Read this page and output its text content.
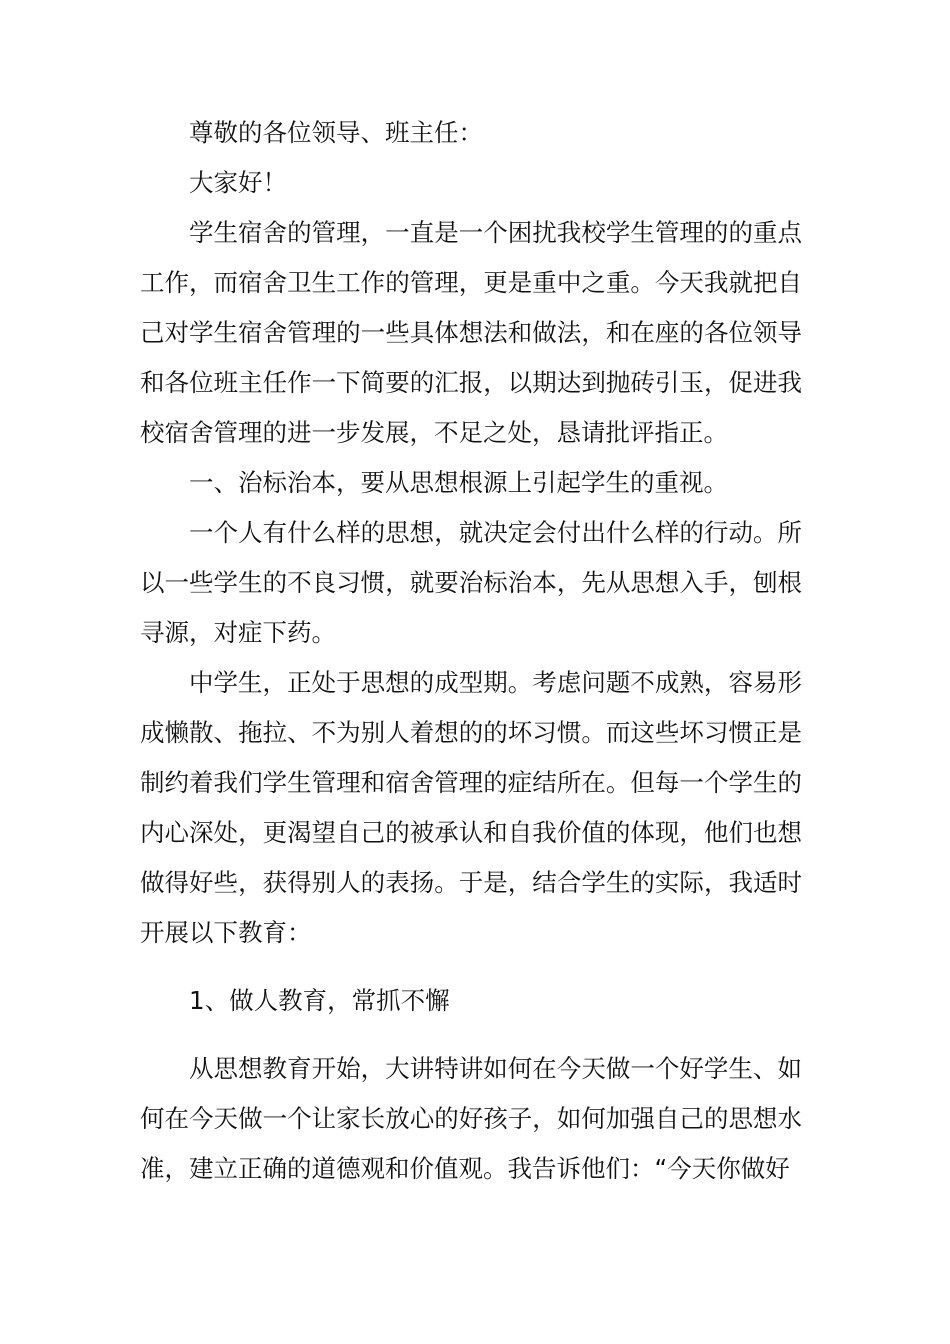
尊敬的各位领导、班主任：

大家好！

学生宿舍的管理，一直是一个困扰我校学生管理的的重点工作，而宿舍卫生工作的管理，更是重中之重。今天我就把自己对学生宿舍管理的一些具体想法和做法，和在座的各位领导和各位班主任作一下简要的汇报，以期达到抛砖引玉，促进我校宿舍管理的进一步发展，不足之处，恳请批评指正。

一、治标治本，要从思想根源上引起学生的重视。

一个人有什么样的思想，就决定会付出什么样的行动。所以一些学生的不良习惯，就要治标治本，先从思想入手，刨根寻源，对症下药。

中学生，正处于思想的成型期。考虑问题不成熟，容易形成懒散、拖拉、不为别人着想的的坏习惯。而这些坏习惯正是制约着我们学生管理和宿舍管理的症结所在。但每一个学生的内心深处，更渴望自己的被承认和自我价值的体现，他们也想做得好些，获得别人的表扬。于是，结合学生的实际，我适时开展以下教育：

1、做人教育，常抓不懈

从思想教育开始，大讲特讲如何在今天做一个好学生、如何在今天做一个让家长放心的好孩子，如何加强自己的思想水准，建立正确的道德观和价值观。我告诉他们：“今天你做好
